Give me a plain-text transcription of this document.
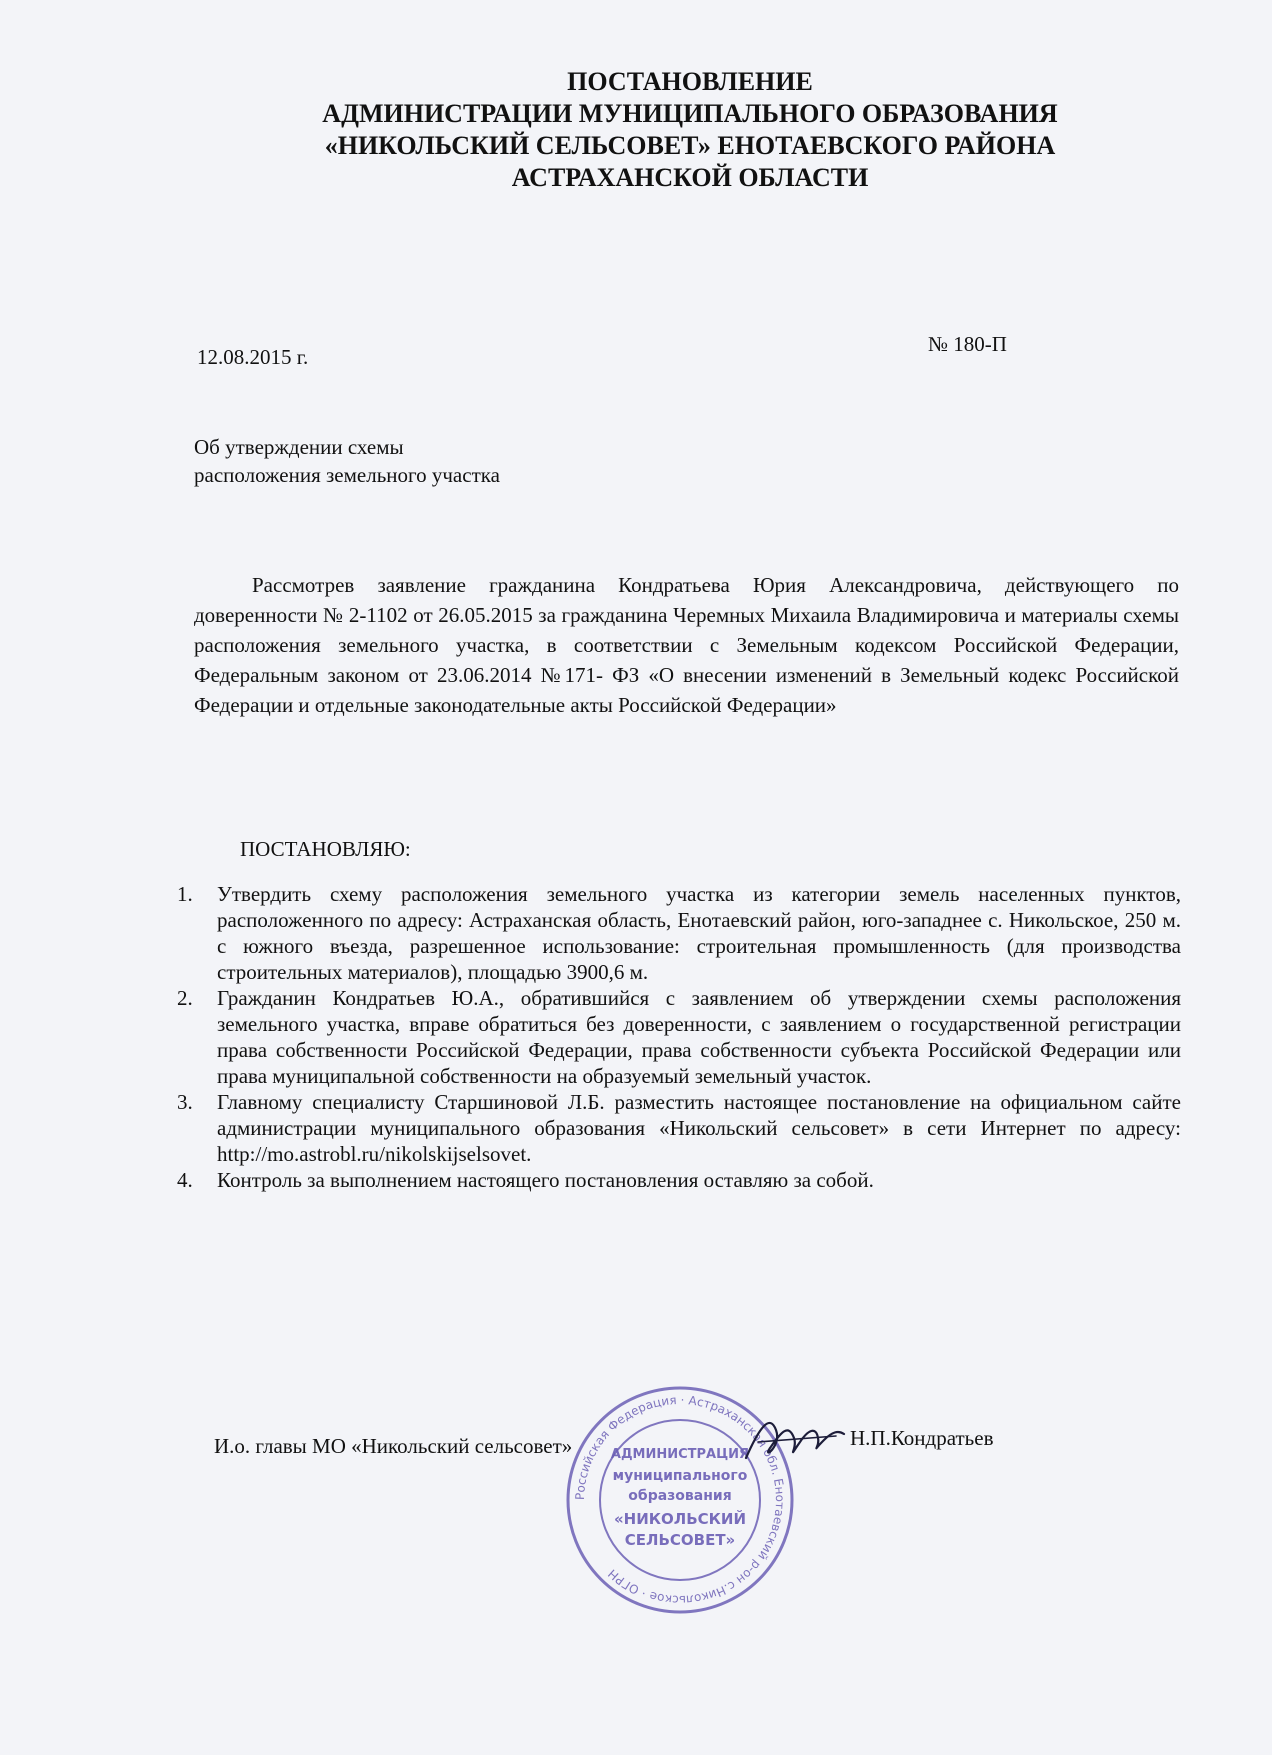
ПОСТАНОВЛЕНИЕ
АДМИНИСТРАЦИИ МУНИЦИПАЛЬНОГО ОБРАЗОВАНИЯ
«НИКОЛЬСКИЙ СЕЛЬСОВЕТ» ЕНОТАЕВСКОГО РАЙОНА
АСТРАХАНСКОЙ ОБЛАСТИ
12.08.2015 г.
№ 180-П
Об утверждении схемы
расположения земельного участка
Рассмотрев заявление гражданина Кондратьева Юрия Александровича, действующего по доверенности № 2-1102 от 26.05.2015 за гражданина Черемных Михаила Владимировича и материалы схемы расположения земельного участка, в соответствии с Земельным кодексом Российской Федерации, Федеральным законом от 23.06.2014 №171- ФЗ «О внесении изменений в Земельный кодекс Российской Федерации и отдельные законодательные акты Российской Федерации»
ПОСТАНОВЛЯЮ:
1. Утвердить схему расположения земельного участка из категории земель населенных пунктов, расположенного по адресу: Астраханская область, Енотаевский район, юго-западнее с. Никольское, 250 м. с южного въезда, разрешенное использование: строительная промышленность (для производства строительных материалов), площадью 3900,6 м.
2. Гражданин Кондратьев Ю.А., обратившийся с заявлением об утверждении схемы расположения земельного участка, вправе обратиться без доверенности, с заявлением о государственной регистрации права собственности Российской Федерации, права собственности субъекта Российской Федерации или права муниципальной собственности на образуемый земельный участок.
3. Главному специалисту Старшиновой Л.Б. разместить настоящее постановление на официальном сайте администрации муниципального образования «Никольский сельсовет» в сети Интернет по адресу: http://mo.astrobl.ru/nikolskijselsovet.
4. Контроль за выполнением настоящего постановления оставляю за собой.
Российская Федерация · Астраханская обл. Енотаевский р-он с.Никольское · ОГРН
АДМИНИСТРАЦИЯ
муниципального
образования
«НИКОЛЬСКИЙ
СЕЛЬСОВЕТ»
И.о. главы МО «Никольский сельсовет»	Н.П.Кондратьев
